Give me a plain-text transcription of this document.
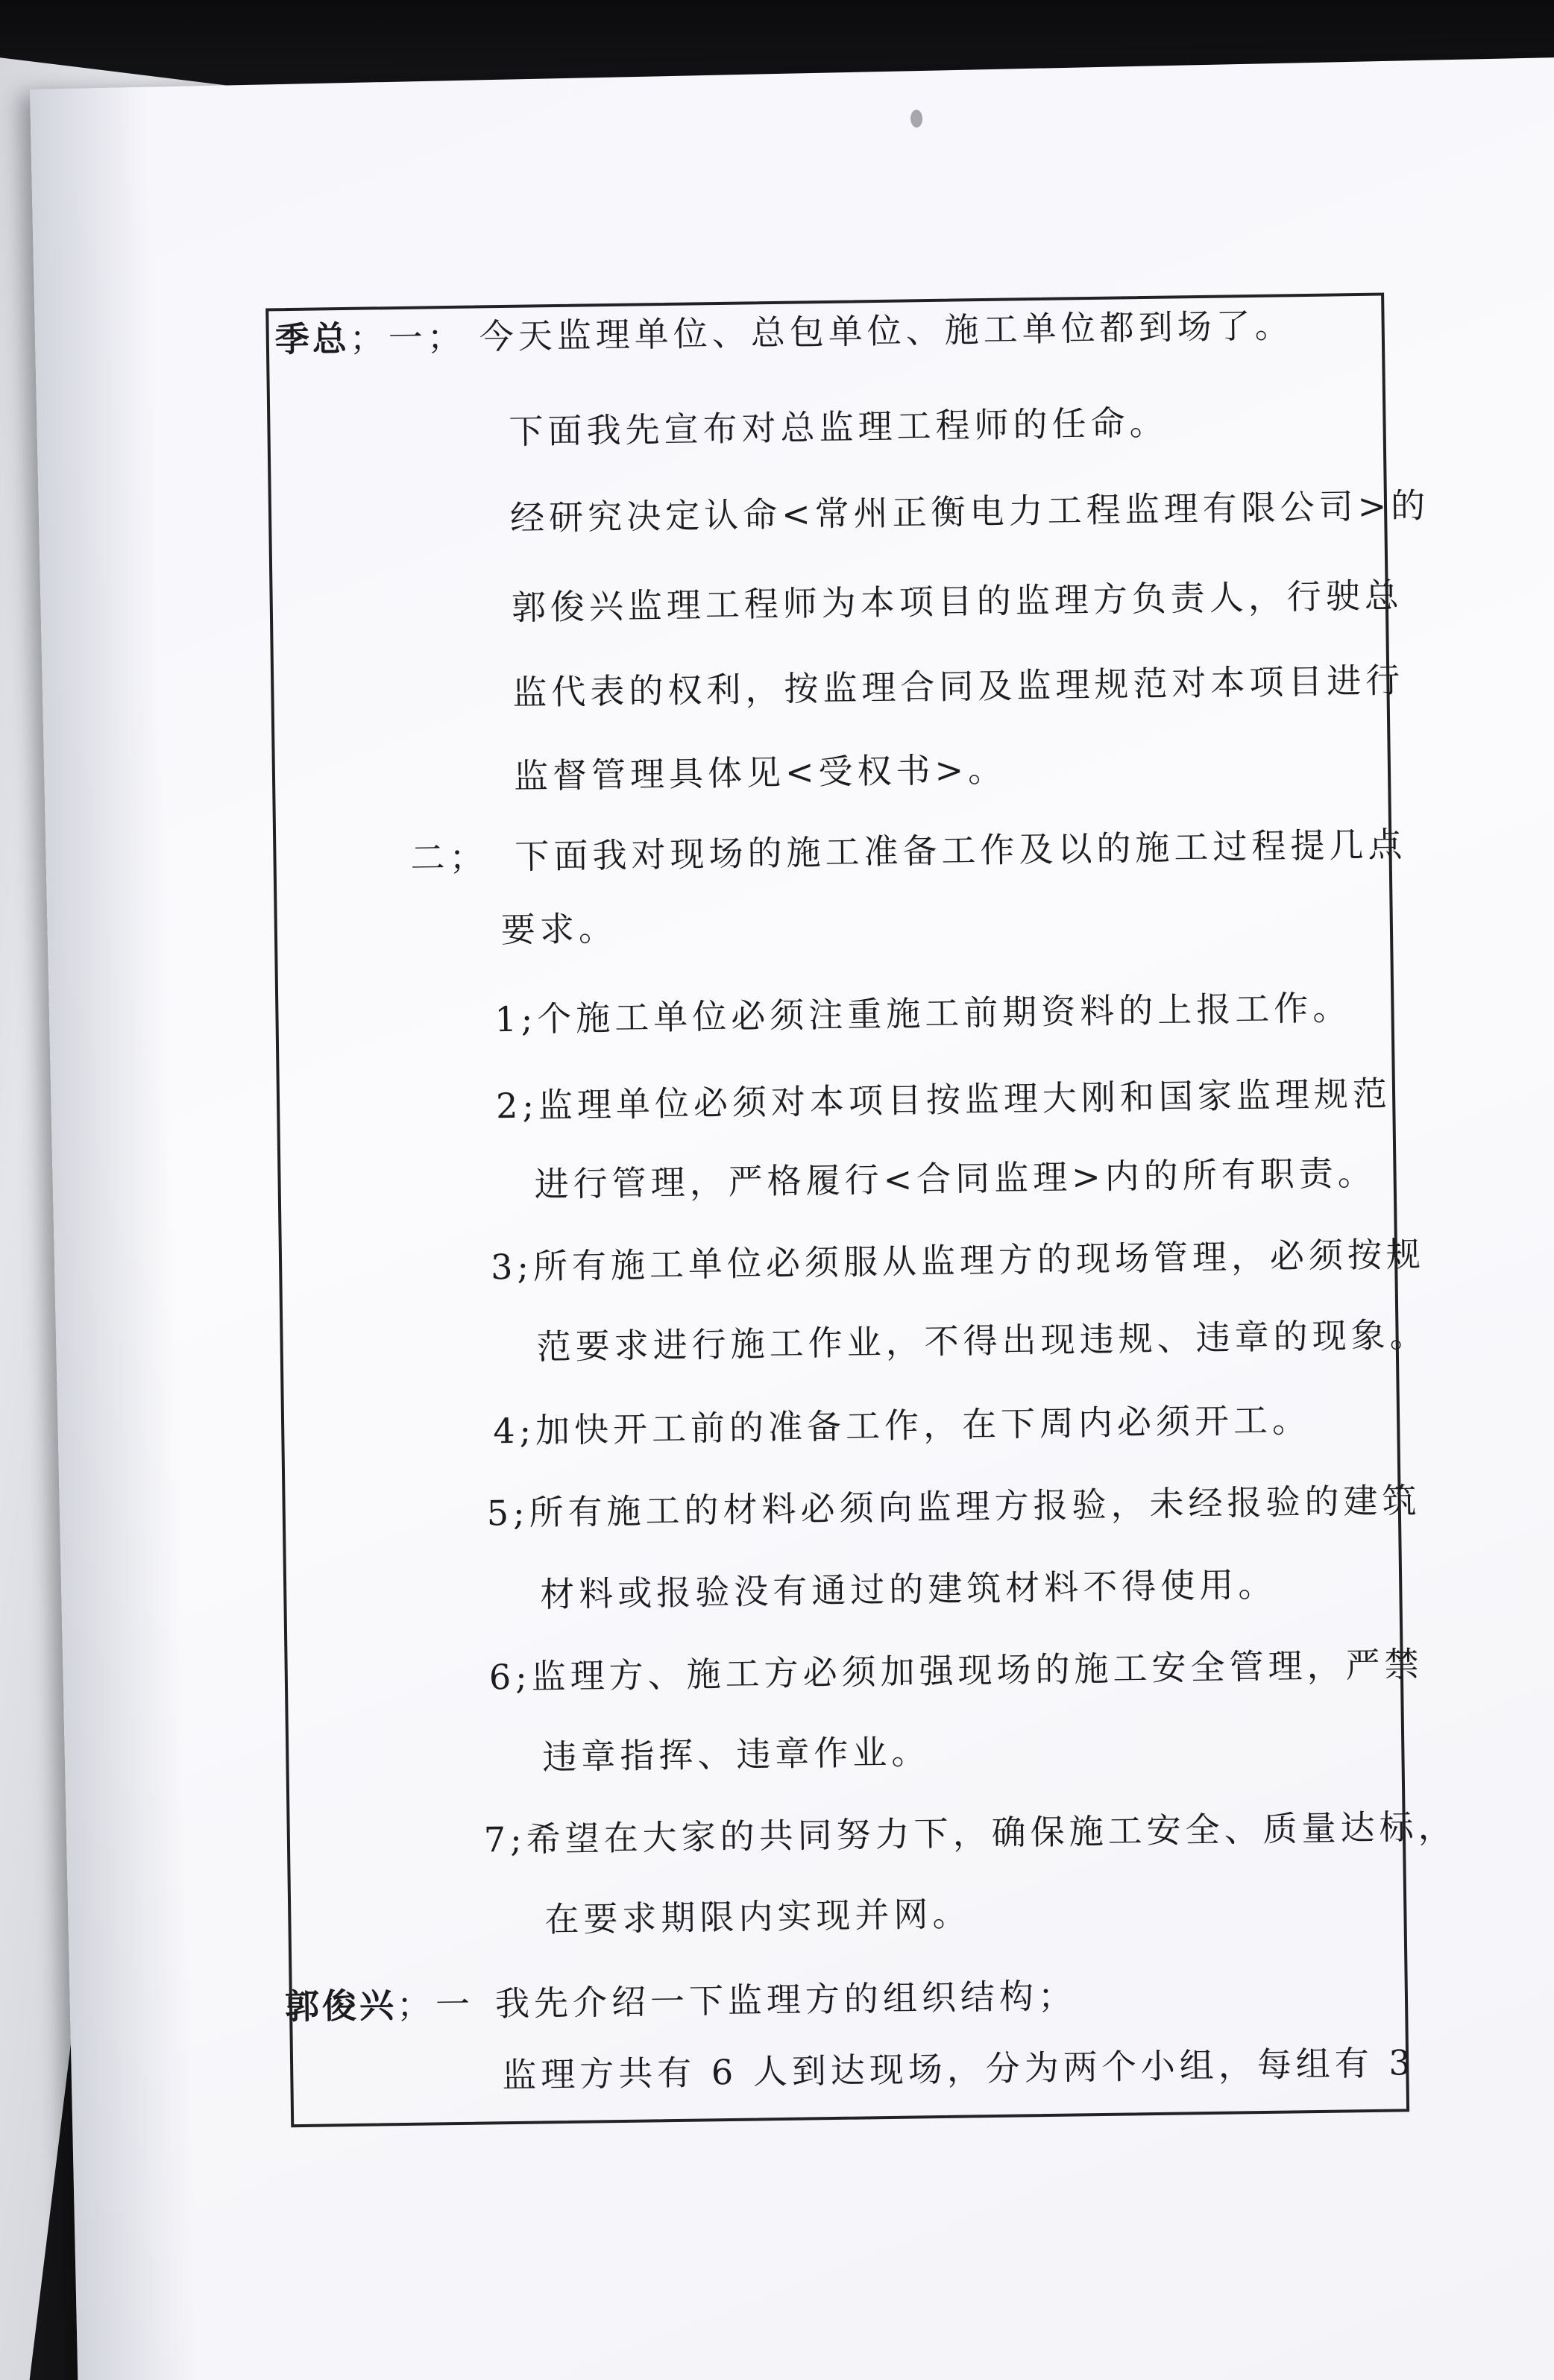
季总；一； 今天监理单位、总包单位、施工单位都到场了。
下面我先宣布对总监理工程师的任命。
经研究决定认命<常州正衡电力工程监理有限公司>的
郭俊兴监理工程师为本项目的监理方负责人，行驶总
监代表的权利，按监理合同及监理规范对本项目进行
监督管理具体见<受权书>。
二； 下面我对现场的施工准备工作及以的施工过程提几点
要求。
1;个施工单位必须注重施工前期资料的上报工作。
2;监理单位必须对本项目按监理大刚和国家监理规范
进行管理，严格履行<合同监理>内的所有职责。
3;所有施工单位必须服从监理方的现场管理，必须按规
范要求进行施工作业，不得出现违规、违章的现象。
4;加快开工前的准备工作，在下周内必须开工。
5;所有施工的材料必须向监理方报验，未经报验的建筑
材料或报验没有通过的建筑材料不得使用。
6;监理方、施工方必须加强现场的施工安全管理，严禁
违章指挥、违章作业。
7;希望在大家的共同努力下，确保施工安全、质量达标，
在要求期限内实现并网。
郭俊兴；一 我先介绍一下监理方的组织结构；
监理方共有 6 人到达现场，分为两个小组，每组有 3
